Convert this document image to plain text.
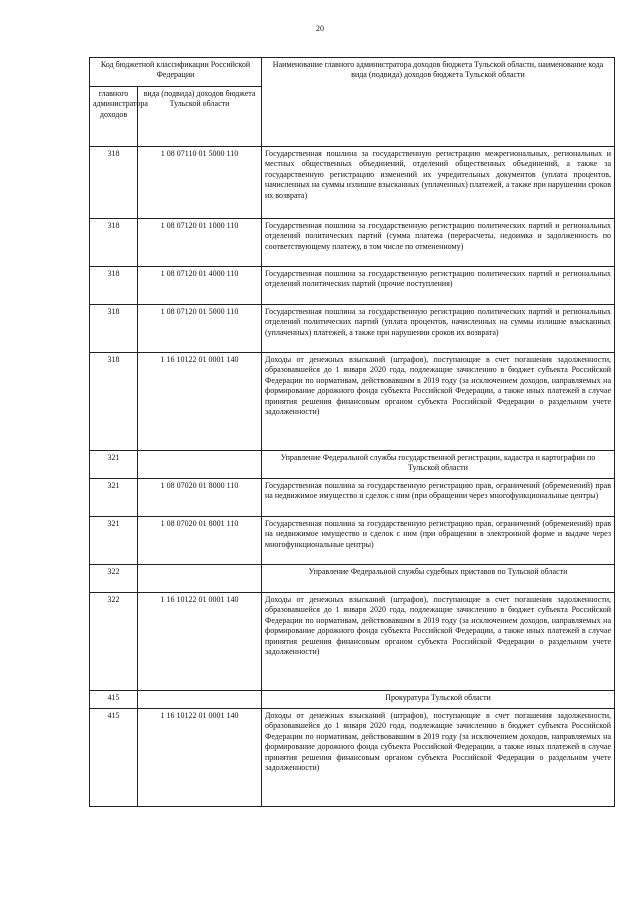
20
Код бюджетной классификации Российской Федерации		Наименование главного администратора доходов бюджета Тульской области, наименование кода вида (подвида) доходов бюджета Тульской области
главного администратора доходов	вида (подвида) доходов бюджета Тульской области	
318	1 08 07110 01 5000 110	Государственная пошлина за государственную регистрацию межрегиональных, региональных и местных общественных объединений, отделений общественных объединений, а также за государственную регистрацию изменений их учредительных документов (уплата процентов, начисленных на суммы излишне взысканных (уплаченных) платежей, а также при нарушении сроков их возврата)
318	1 08 07120 01 1000 110	Государственная пошлина за государственную регистрацию политических партий и региональных отделений политических партий (сумма платежа (перерасчеты, недоимка и задолженность по соответствующему платежу, в том числе по отмененному)
318	1 08 07120 01 4000 110	Государственная пошлина за государственную регистрацию политических партий и региональных отделений политических партий (прочие поступления)
318	1 08 07120 01 5000 110	Государственная пошлина за государственную регистрацию политических партий и региональных отделений политических партий (уплата процентов, начисленных на суммы излишне взысканных (уплаченных) платежей, а также при нарушении сроков их возврата)
318	1 16 10122 01 0001 140	Доходы от денежных взысканий (штрафов), поступающие в счет погашения задолженности, образовавшейся до 1 января 2020 года, подлежащие зачислению в бюджет субъекта Российской Федерации по нормативам, действовавшим в 2019 году (за исключением доходов, направляемых на формирование дорожного фонда субъекта Российской Федерации, а также иных платежей в случае принятия решения финансовым органом субъекта Российской Федерации о раздельном учете задолженности)
321		Управление Федеральной службы государственной регистрации, кадастра и картографии по Тульской области
321	1 08 07020 01 8000 110	Государственная пошлина за государственную регистрацию прав, ограничений (обременений) прав на недвижимое имущество и сделок с ним (при обращении через многофункциональные центры)
321	1 08 07020 01 8001 110	Государственная пошлина за государственную регистрацию прав, ограничений (обременений) прав на недвижимое имущество и сделок с ним (при обращении в электронной форме и выдаче через многофункциональные центры)
322		Управление Федеральной службы судебных приставов по Тульской области
322	1 16 10122 01 0001 140	Доходы от денежных взысканий (штрафов), поступающие в счет погашения задолженности, образовавшейся до 1 января 2020 года, подлежащие зачислению в бюджет субъекта Российской Федерации по нормативам, действовавшим в 2019 году (за исключением доходов, направляемых на формирование дорожного фонда субъекта Российской Федерации, а также иных платежей в случае принятия решения финансовым органом субъекта Российской Федерации о раздельном учете задолженности)
415		Прокуратура Тульской области
415	1 16 10122 01 0001 140	Доходы от денежных взысканий (штрафов), поступающие в счет погашения задолженности, образовавшейся до 1 января 2020 года, подлежащие зачислению в бюджет субъекта Российской Федерации по нормативам, действовавшим в 2019 году (за исключением доходов, направляемых на формирование дорожного фонда субъекта Российской Федерации, а также иных платежей в случае принятия решения финансовым органом субъекта Российской Федерации о раздельном учете задолженности)
